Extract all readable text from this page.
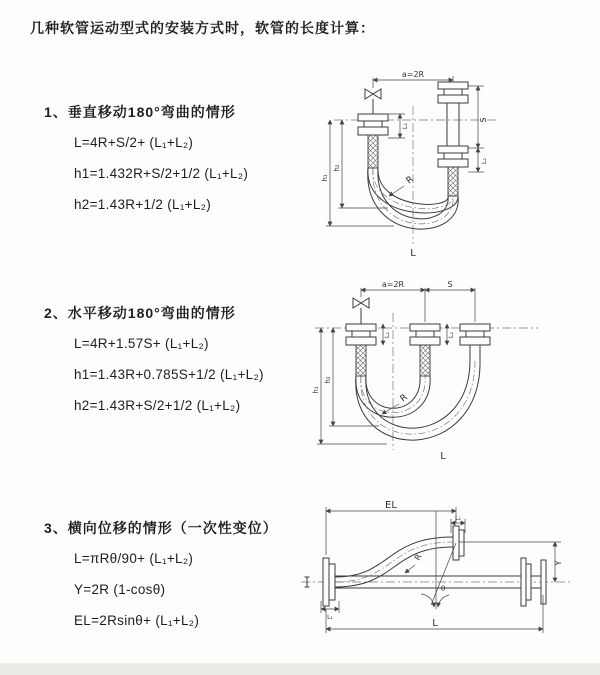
几种软管运动型式的安装方式时，软管的长度计算：
1、垂直移动180°弯曲的情形
L=4R+S/2+ (L₁+L₂)
h1=1.432R+S/2+1/2 (L₁+L₂)
h2=1.43R+1/2 (L₁+L₂)
a=2R
S
L₂
L₁
h₁
h₂
R
L
2、水平移动180°弯曲的情形
L=4R+1.57S+ (L₁+L₂)
h1=1.43R+0.785S+1/2 (L₁+L₂)
h2=1.43R+S/2+1/2 (L₁+L₂)
a=2R	S
L₁	L₂
h₁
h₂
R
L
3、横向位移的情形（一次性变位）
L=πRθ/90+ (L₁+L₂)
Y=2R (1-cosθ)
EL=2Rsinθ+ (L₁+L₂)
θ
EL
L₂
Y
R
L₁
L
